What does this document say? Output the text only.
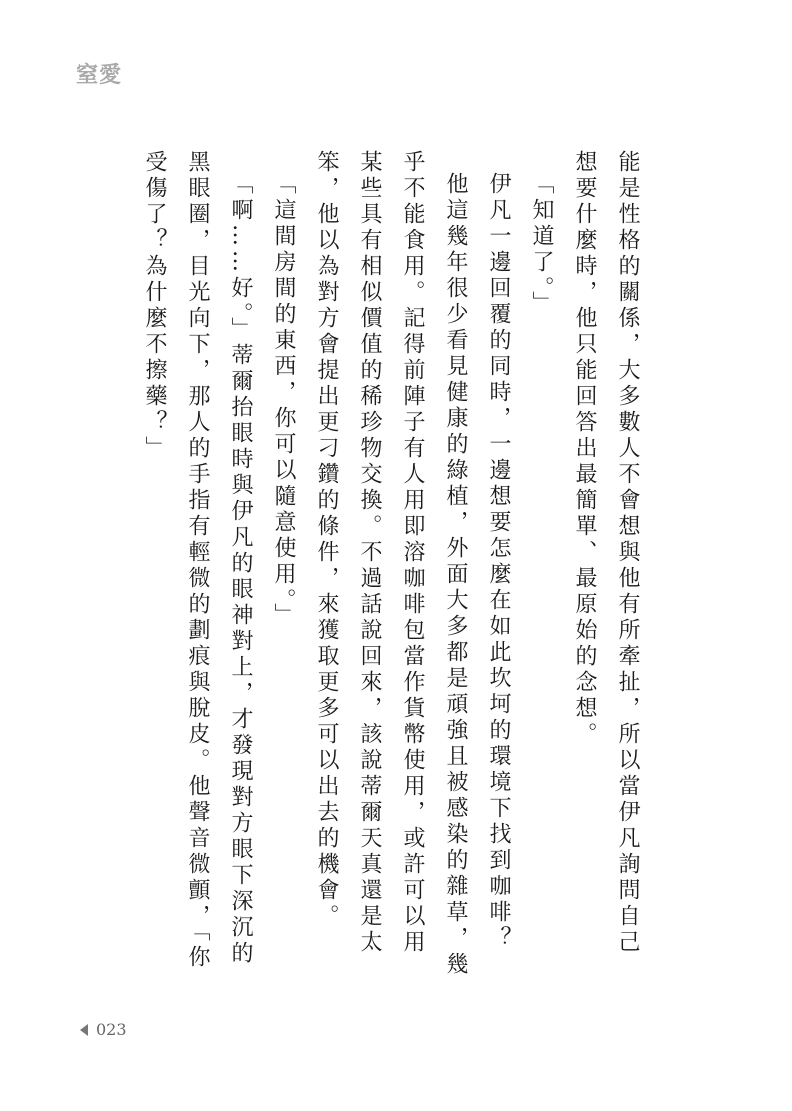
窒愛

能是性格的關係，大多數人不會想與他有所牽扯，所以當伊凡詢問自己想要什麼時，他只能回答出最簡單、最原始的念想。

「知道了。」

伊凡一邊回覆的同時，一邊想要怎麼在如此坎坷的環境下找到咖啡？

他這幾年很少看見健康的綠植，外面大多都是頑強且被感染的雜草，幾乎不能食用。記得前陣子有人用即溶咖啡包當作貨幣使用，或許可以用某些具有相似價值的稀珍物交換。不過話說回來，該說蒂爾天真還是太笨，他以為對方會提出更刁鑽的條件，來獲取更多可以出去的機會。

「這間房間的東西，你可以隨意使用。」

「啊……好。」蒂爾抬眼時與伊凡的眼神對上，才發現對方眼下深沉的黑眼圈，目光向下，那人的手指有輕微的劃痕與脫皮。他聲音微顫，「你受傷了？為什麼不擦藥？」

023
